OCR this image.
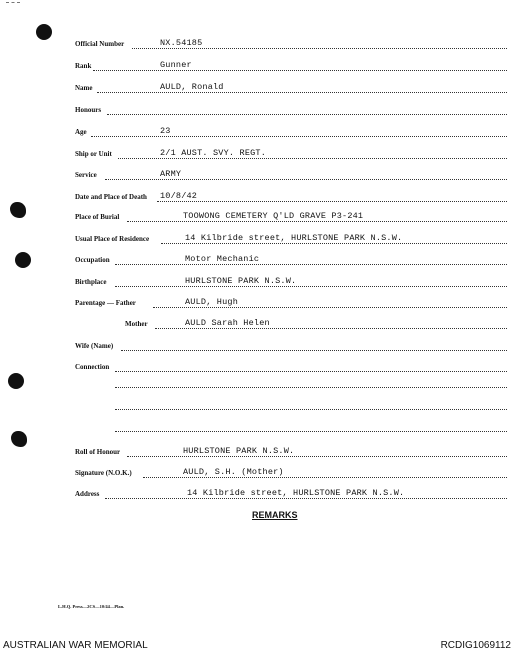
Official Number	NX.54185
Rank	Gunner
Name	AULD, Ronald
Honours
Age	23
Ship or Unit	2/1 AUST. SVY. REGT.
Service	ARMY
Date and Place of Death 10/8/42
Place of Burial	TOOWONG CEMETERY Q'LD GRAVE P3-241
Usual Place of Residence	14 Kilbride street, HURLSTONE PARK N.S.W.
Occupation	Motor Mechanic
Birthplace	HURLSTONE PARK N.S.W.
Parentage — Father	AULD, Hugh
Mother	AULD Sarah Helen
Wife (Name)
Connection
Roll of Honour	HURLSTONE PARK N.S.W.
Signature (N.O.K.)	AULD, S.H. (Mother)
Address	14 Kilbride street, HURLSTONE PARK N.S.W.
REMARKS
L.H.Q. Press—2CS—10/44—Plan.
AUSTRALIAN WAR MEMORIAL	RCDIG1069112
